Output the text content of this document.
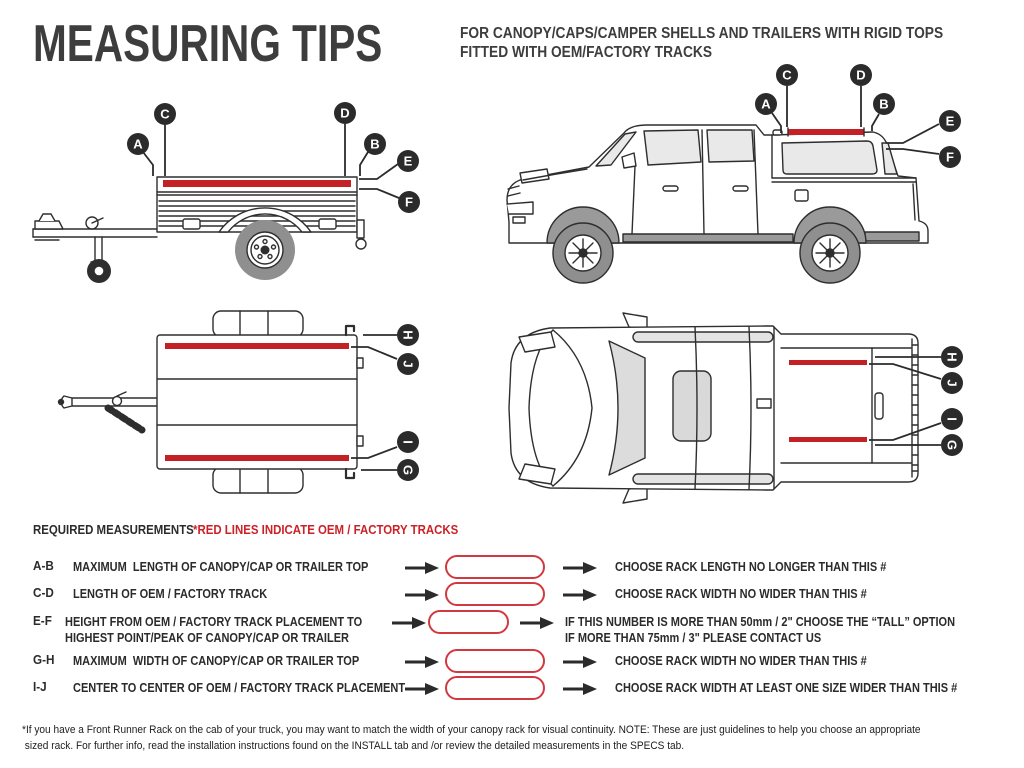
MEASURING TIPS	FOR CANOPY/CAPS/CAMPER SHELLS AND TRAILERS WITH RIGID TOPS
FITTED WITH OEM/FACTORY TRACKS
A
C	D
B
E
F
A
C	D
B
E
F
H
J
I
G
H
J
I
G
REQUIRED MEASUREMENTS *RED LINES INDICATE OEM / FACTORY TRACKS
A-B	MAXIMUM  LENGTH OF CANOPY/CAP OR TRAILER TOP	CHOOSE RACK LENGTH NO LONGER THAN THIS #
C-D	LENGTH OF OEM / FACTORY TRACK	CHOOSE RACK WIDTH NO WIDER THAN THIS #
E-F	HEIGHT FROM OEM / FACTORY TRACK PLACEMENT TO
HIGHEST POINT/PEAK OF CANOPY/CAP OR TRAILER
IF THIS NUMBER IS MORE THAN 50mm / 2" CHOOSE THE “TALL” OPTION
IF MORE THAN 75mm / 3" PLEASE CONTACT US
G-H	MAXIMUM  WIDTH OF CANOPY/CAP OR TRAILER TOP	CHOOSE RACK WIDTH NO WIDER THAN THIS #
I-J	CENTER TO CENTER OF OEM / FACTORY TRACK PLACEMENT	CHOOSE RACK WIDTH AT LEAST ONE SIZE WIDER THAN THIS #
*If you have a Front Runner Rack on the cab of your truck, you may want to match the width of your canopy rack for visual continuity. NOTE: These are just guidelines to help you choose an appropriate
sized rack. For further info, read the installation instructions found on the INSTALL tab and /or review the detailed measurements in the SPECS tab.
